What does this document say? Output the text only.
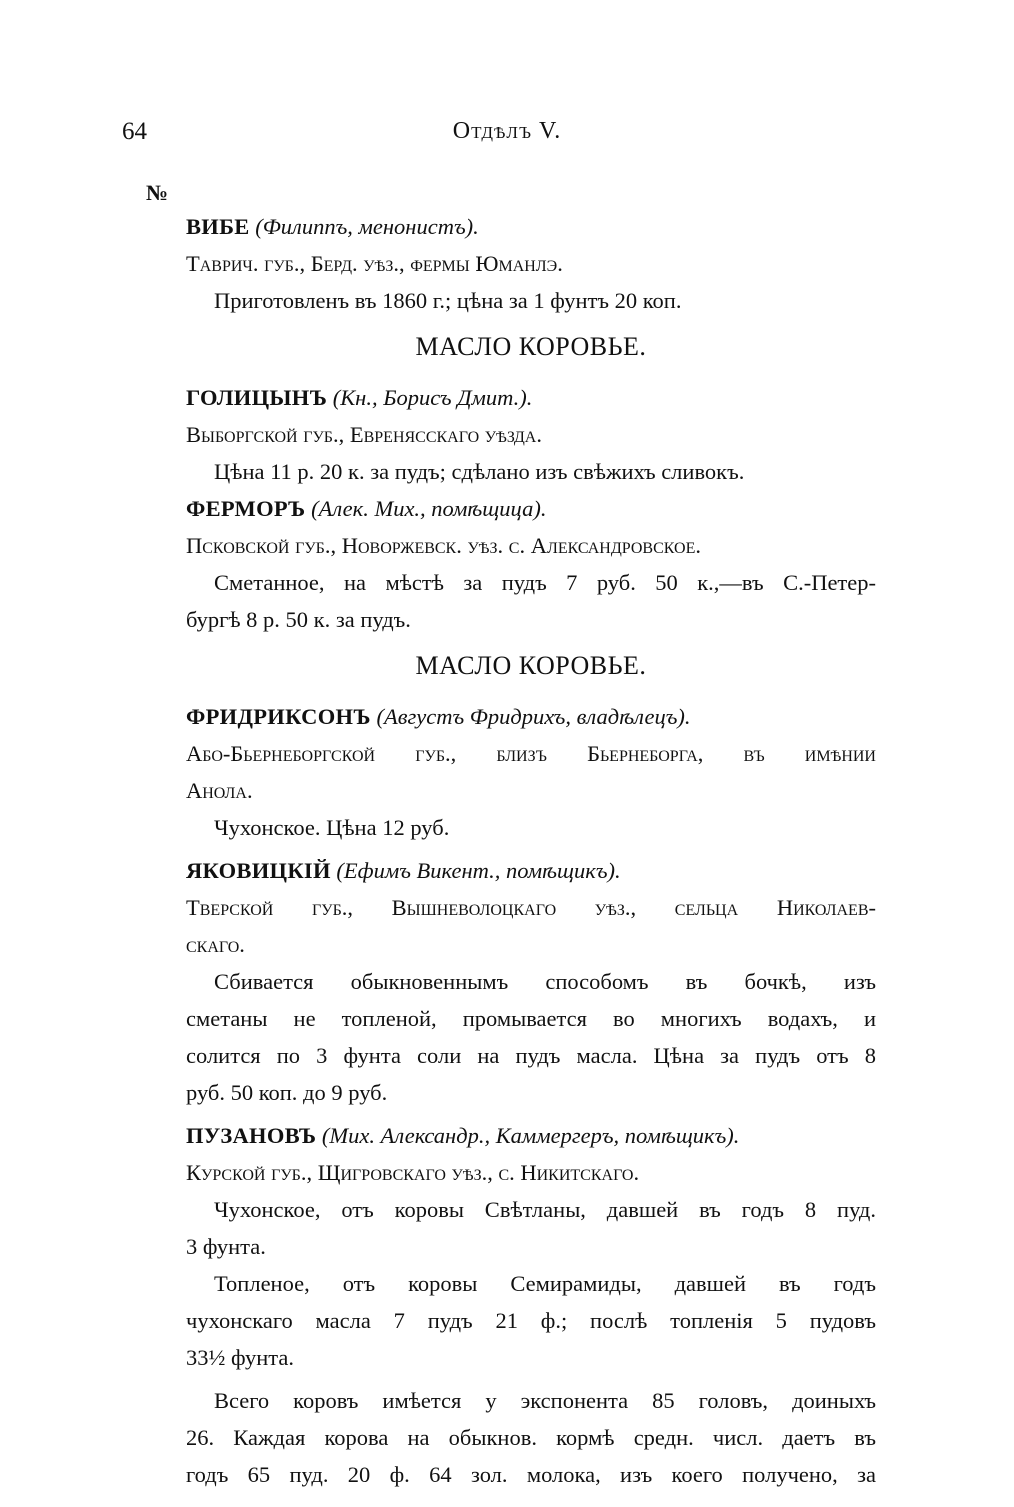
64	Отдѣлъ V.
№
ВИБЕ (Филиппъ, менонистъ).
Таврич. губ., Берд. уѣз., фермы Юманлэ.
Приготовленъ въ 1860 г.; цѣна за 1 фунтъ 20 коп.
МАСЛО КОРОВЬЕ.
ГОЛИЦЫНЪ (Кн., Борисъ Дмит.).
Выборгской губ., Евренясскаго уѣзда.
Цѣна 11 р. 20 к. за пудъ; сдѣлано изъ свѣжихъ сливокъ.
ФЕРМОРЪ (Алек. Мих., помѣщица).
Псковской губ., Новоржевск. уѣз. с. Александровское.
Сметанное, на мѣстѣ за пудъ 7 руб. 50 к.,—въ С.-Петер-
бургѣ 8 р. 50 к. за пудъ.
МАСЛО КОРОВЬЕ.
ФРИДРИКСОНЪ (Августъ Фридрихъ, владѣлецъ).
Або-Бьернеборгской губ., близъ Бьернеборга, въ имѣнии
Анола.
Чухонское. Цѣна 12 руб.
ЯКОВИЦКІЙ (Ефимъ Викент., помѣщикъ).
Тверской губ., Вышневолоцкаго уѣз., сельца Николаев-
скаго.
Сбивается обыкновеннымъ способомъ въ бочкѣ, изъ
сметаны не топленой, промывается во многихъ водахъ, и
солится по 3 фунта соли на пудъ масла. Цѣна за пудъ отъ 8
руб. 50 коп. до 9 руб.
ПУЗАНОВЪ (Мих. Александр., Каммергеръ, помѣщикъ).
Курской губ., Щигровскаго уѣз., с. Никитскаго.
Чухонское, отъ коровы Свѣтланы, давшей въ годъ 8 пуд.
3 фунта.
Топленое, отъ коровы Семирамиды, давшей въ годъ
чухонскаго масла 7 пудъ 21 ф.; послѣ топленія 5 пудовъ
33½ фунта.
Всего коровъ имѣется у экспонента 85 головъ, доиныхъ
26. Каждая корова на обыкнов. кормѣ средн. числ. даетъ въ
годъ 65 пуд. 20 ф. 64 зол. молока, изъ коего получено, за
